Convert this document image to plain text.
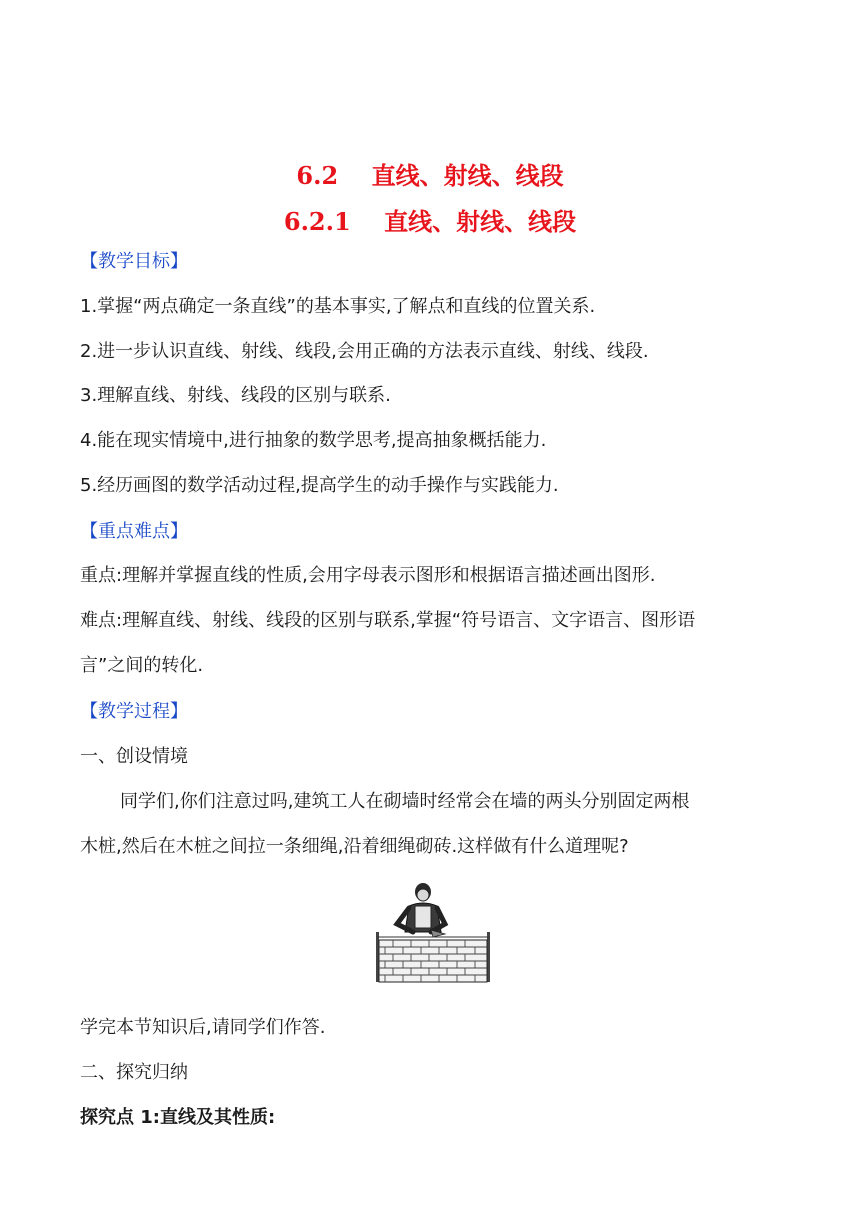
6.2    直线、射线、线段
6.2.1    直线、射线、线段
【教学目标】
1.掌握“两点确定一条直线”的基本事实,了解点和直线的位置关系.
2.进一步认识直线、射线、线段,会用正确的方法表示直线、射线、线段.
3.理解直线、射线、线段的区别与联系.
4.能在现实情境中,进行抽象的数学思考,提高抽象概括能力.
5.经历画图的数学活动过程,提高学生的动手操作与实践能力.
【重点难点】
重点:理解并掌握直线的性质,会用字母表示图形和根据语言描述画出图形.
难点:理解直线、射线、线段的区别与联系,掌握“符号语言、文字语言、图形语
言”之间的转化.
【教学过程】
一、创设情境
同学们,你们注意过吗,建筑工人在砌墙时经常会在墙的两头分别固定两根
木桩,然后在木桩之间拉一条细绳,沿着细绳砌砖.这样做有什么道理呢?
学完本节知识后,请同学们作答.
二、探究归纳
探究点 1:直线及其性质:
